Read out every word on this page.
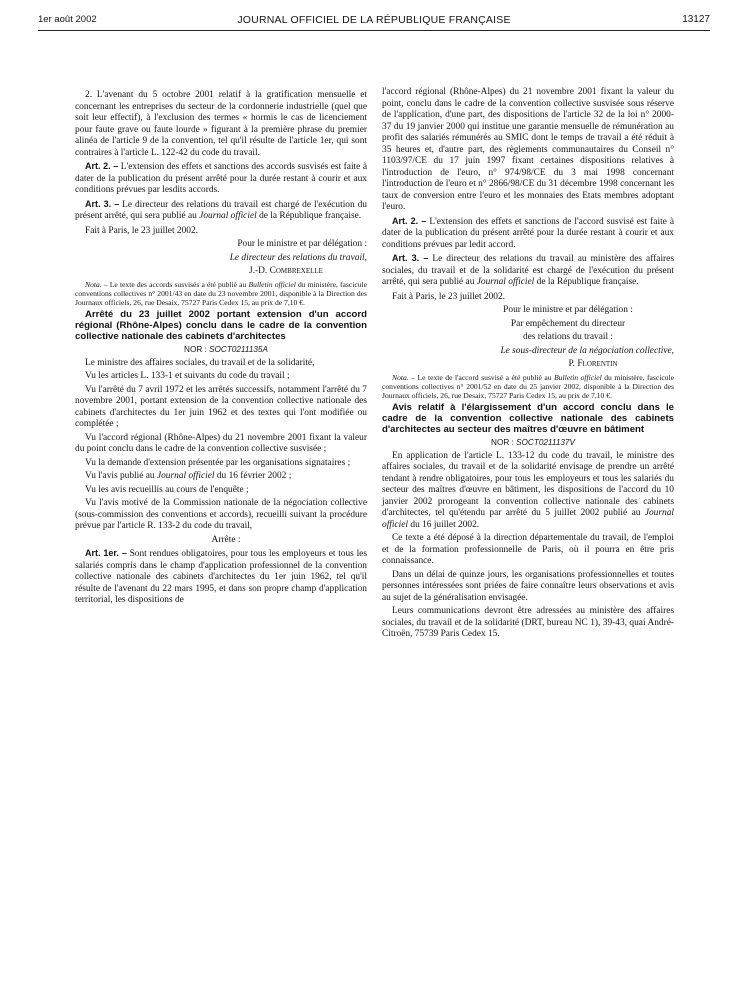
1er août 2002	JOURNAL OFFICIEL DE LA RÉPUBLIQUE FRANÇAISE	13127

2. L'avenant du 5 octobre 2001 relatif à la gratification mensuelle et concernant les entreprises du secteur de la cordonnerie industrielle (quel que soit leur effectif), à l'exclusion des termes « hormis le cas de licenciement pour faute grave ou faute lourde » figurant à la première phrase du premier alinéa de l'article 9 de la convention, tel qu'il résulte de l'article 1er, qui sont contraires à l'article L. 122-42 du code du travail.

Art. 2. – L'extension des effets et sanctions des accords susvisés est faite à dater de la publication du présent arrêté pour la durée restant à courir et aux conditions prévues par lesdits accords.

Art. 3. – Le directeur des relations du travail est chargé de l'exécution du présent arrêté, qui sera publié au Journal officiel de la République française.

Fait à Paris, le 23 juillet 2002.

Pour le ministre et par délégation :

Le directeur des relations du travail,

J.-D. Combrexelle

Nota. – Le texte des accords susvisés a été publié au Bulletin officiel du ministère, fascicule conventions collectives n° 2001/43 en date du 23 novembre 2001, disponible à la Direction des Journaux officiels, 26, rue Desaix, 75727 Paris Cedex 15, au prix de 7,10 €.

Arrêté du 23 juillet 2002 portant extension d'un accord régional (Rhône-Alpes) conclu dans le cadre de la convention collective nationale des cabinets d'architectes

NOR : SOCT0211135A

Le ministre des affaires sociales, du travail et de la solidarité,

Vu les articles L. 133-1 et suivants du code du travail ;

Vu l'arrêté du 7 avril 1972 et les arrêtés successifs, notamment l'arrêté du 7 novembre 2001, portant extension de la convention collective nationale des cabinets d'architectes du 1er juin 1962 et des textes qui l'ont modifiée ou complétée ;

Vu l'accord régional (Rhône-Alpes) du 21 novembre 2001 fixant la valeur du point conclu dans le cadre de la convention collective susvisée ;

Vu la demande d'extension présentée par les organisations signataires ;

Vu l'avis publié au Journal officiel du 16 février 2002 ;

Vu les avis recueillis au cours de l'enquête ;

Vu l'avis motivé de la Commission nationale de la négociation collective (sous-commission des conventions et accords), recueilli suivant la procédure prévue par l'article R. 133-2 du code du travail,

Arrête :

Art. 1er. – Sont rendues obligatoires, pour tous les employeurs et tous les salariés compris dans le champ d'application professionnel de la convention collective nationale des cabinets d'architectes du 1er juin 1962, tel qu'il résulte de l'avenant du 22 mars 1995, et dans son propre champ d'application territorial, les dispositions de

l'accord régional (Rhône-Alpes) du 21 novembre 2001 fixant la valeur du point, conclu dans le cadre de la convention collective susvisée sous réserve de l'application, d'une part, des dispositions de l'article 32 de la loi n° 2000-37 du 19 janvier 2000 qui institue une garantie mensuelle de rémunération au profit des salariés rémunérés au SMIC dont le temps de travail a été réduit à 35 heures et, d'autre part, des règlements communautaires du Conseil n° 1103/97/CE du 17 juin 1997 fixant certaines dispositions relatives à l'introduction de l'euro, n° 974/98/CE du 3 mai 1998 concernant l'introduction de l'euro et n° 2866/98/CE du 31 décembre 1998 concernant les taux de conversion entre l'euro et les monnaies des Etats membres adoptant l'euro.

Art. 2. – L'extension des effets et sanctions de l'accord susvisé est faite à dater de la publication du présent arrêté pour la durée restant à courir et aux conditions prévues par ledit accord.

Art. 3. – Le directeur des relations du travail au ministère des affaires sociales, du travail et de la solidarité est chargé de l'exécution du présent arrêté, qui sera publié au Journal officiel de la République française.

Fait à Paris, le 23 juillet 2002.

Pour le ministre et par délégation :

Par empêchement du directeur

des relations du travail :

Le sous-directeur de la négociation collective,

P. Florentin

Nota. – Le texte de l'accord susvisé a été publié au Bulletin officiel du ministère, fascicule conventions collectives n° 2001/52 en date du 25 janvier 2002, disponible à la Direction des Journaux officiels, 26, rue Desaix, 75727 Paris Cedex 15, au prix de 7,10 €.

Avis relatif à l'élargissement d'un accord conclu dans le cadre de la convention collective nationale des cabinets d'architectes au secteur des maîtres d'œuvre en bâtiment

NOR : SOCT0211137V

En application de l'article L. 133-12 du code du travail, le ministre des affaires sociales, du travail et de la solidarité envisage de prendre un arrêté tendant à rendre obligatoires, pour tous les employeurs et tous les salariés du secteur des maîtres d'œuvre en bâtiment, les dispositions de l'accord du 10 janvier 2002 prorogeant la convention collective nationale des cabinets d'architectes, tel qu'étendu par arrêté du 5 juillet 2002 publié au Journal officiel du 16 juillet 2002.

Ce texte a été déposé à la direction départementale du travail, de l'emploi et de la formation professionnelle de Paris, où il pourra en être pris connaissance.

Dans un délai de quinze jours, les organisations professionnelles et toutes personnes intéressées sont priées de faire connaître leurs observations et avis au sujet de la généralisation envisagée.

Leurs communications devront être adressées au ministère des affaires sociales, du travail et de la solidarité (DRT, bureau NC 1), 39-43, quai André-Citroën, 75739 Paris Cedex 15.
